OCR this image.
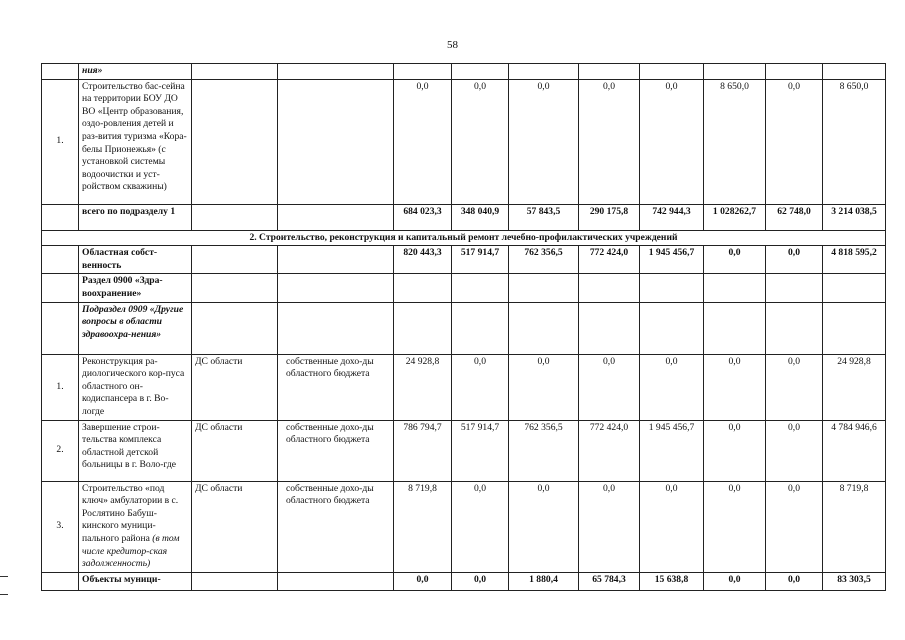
58
	ния»										
1.	Строительство бас-сейна на территории БОУ ДО ВО «Центр образования, оздо-ровления детей и раз-вития туризма «Кора-белы Прионежья» (с установкой системы водоочистки и уст-ройством скважины)			0,0	0,0	0,0	0,0	0,0	8 650,0	0,0	8 650,0
	всего по подразделу 1			684 023,3	348 040,9	57 843,5	290 175,8	742 944,3	1 028262,7	62 748,0	3 214 038,5
2. Строительство, реконструкция и капитальный ремонт лечебно-профилактических учреждений											
	Областная собст-венность			820 443,3	517 914,7	762 356,5	772 424,0	1 945 456,7	0,0	0,0	4 818 595,2
	Раздел 0900 «Здра-воохранение»										
	Подраздел 0909 «Другие вопросы в области здравоохра-нения»										
1.	Реконструкция ра-диологического кор-пуса областного он-кодиспансера в г. Во-логде	ДС области	собственные дохо-ды областного бюджета	24 928,8	0,0	0,0	0,0	0,0	0,0	0,0	24 928,8
2.	Завершение строи-тельства комплекса областной детской больницы в г. Воло-где	ДС области	собственные дохо-ды областного бюджета	786 794,7	517 914,7	762 356,5	772 424,0	1 945 456,7	0,0	0,0	4 784 946,6
3.	Строительство «под ключ» амбулатории в с. Рослятино Бабуш-кинского муници-пального района (в том числе кредитор-ская задолженность)	ДС области	собственные дохо-ды областного бюджета	8 719,8	0,0	0,0	0,0	0,0	0,0	0,0	8 719,8
	Объекты муници-			0,0	0,0	1 880,4	65 784,3	15 638,8	0,0	0,0	83 303,5
